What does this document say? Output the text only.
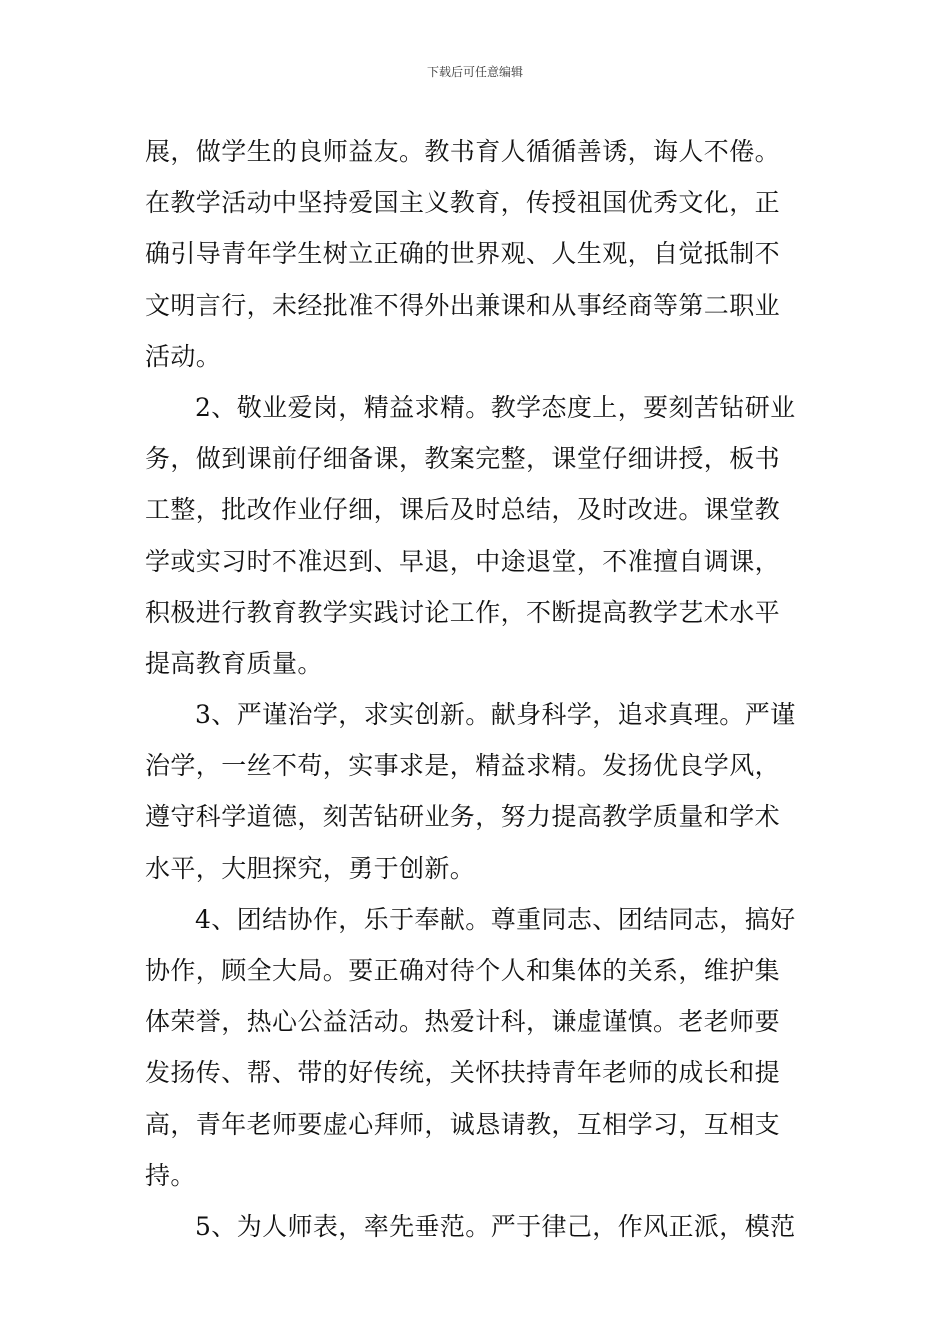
下载后可任意编辑
展，做学生的良师益友。教书育人循循善诱，诲人不倦。
在教学活动中坚持爱国主义教育，传授祖国优秀文化，正
确引导青年学生树立正确的世界观、人生观，自觉抵制不
文明言行，未经批准不得外出兼课和从事经商等第二职业
活动。
2、敬业爱岗，精益求精。教学态度上，要刻苦钻研业
务，做到课前仔细备课，教案完整，课堂仔细讲授，板书
工整，批改作业仔细，课后及时总结，及时改进。课堂教
学或实习时不准迟到、早退，中途退堂，不准擅自调课，
积极进行教育教学实践讨论工作，不断提高教学艺术水平
提高教育质量。
3、严谨治学，求实创新。献身科学，追求真理。严谨
治学，一丝不苟，实事求是，精益求精。发扬优良学风，
遵守科学道德，刻苦钻研业务，努力提高教学质量和学术
水平，大胆探究，勇于创新。
4、团结协作，乐于奉献。尊重同志、团结同志，搞好
协作，顾全大局。要正确对待个人和集体的关系，维护集
体荣誉，热心公益活动。热爱计科，谦虚谨慎。老老师要
发扬传、帮、带的好传统，关怀扶持青年老师的成长和提
高，青年老师要虚心拜师，诚恳请教，互相学习，互相支
持。
5、为人师表，率先垂范。严于律己，作风正派，模范
